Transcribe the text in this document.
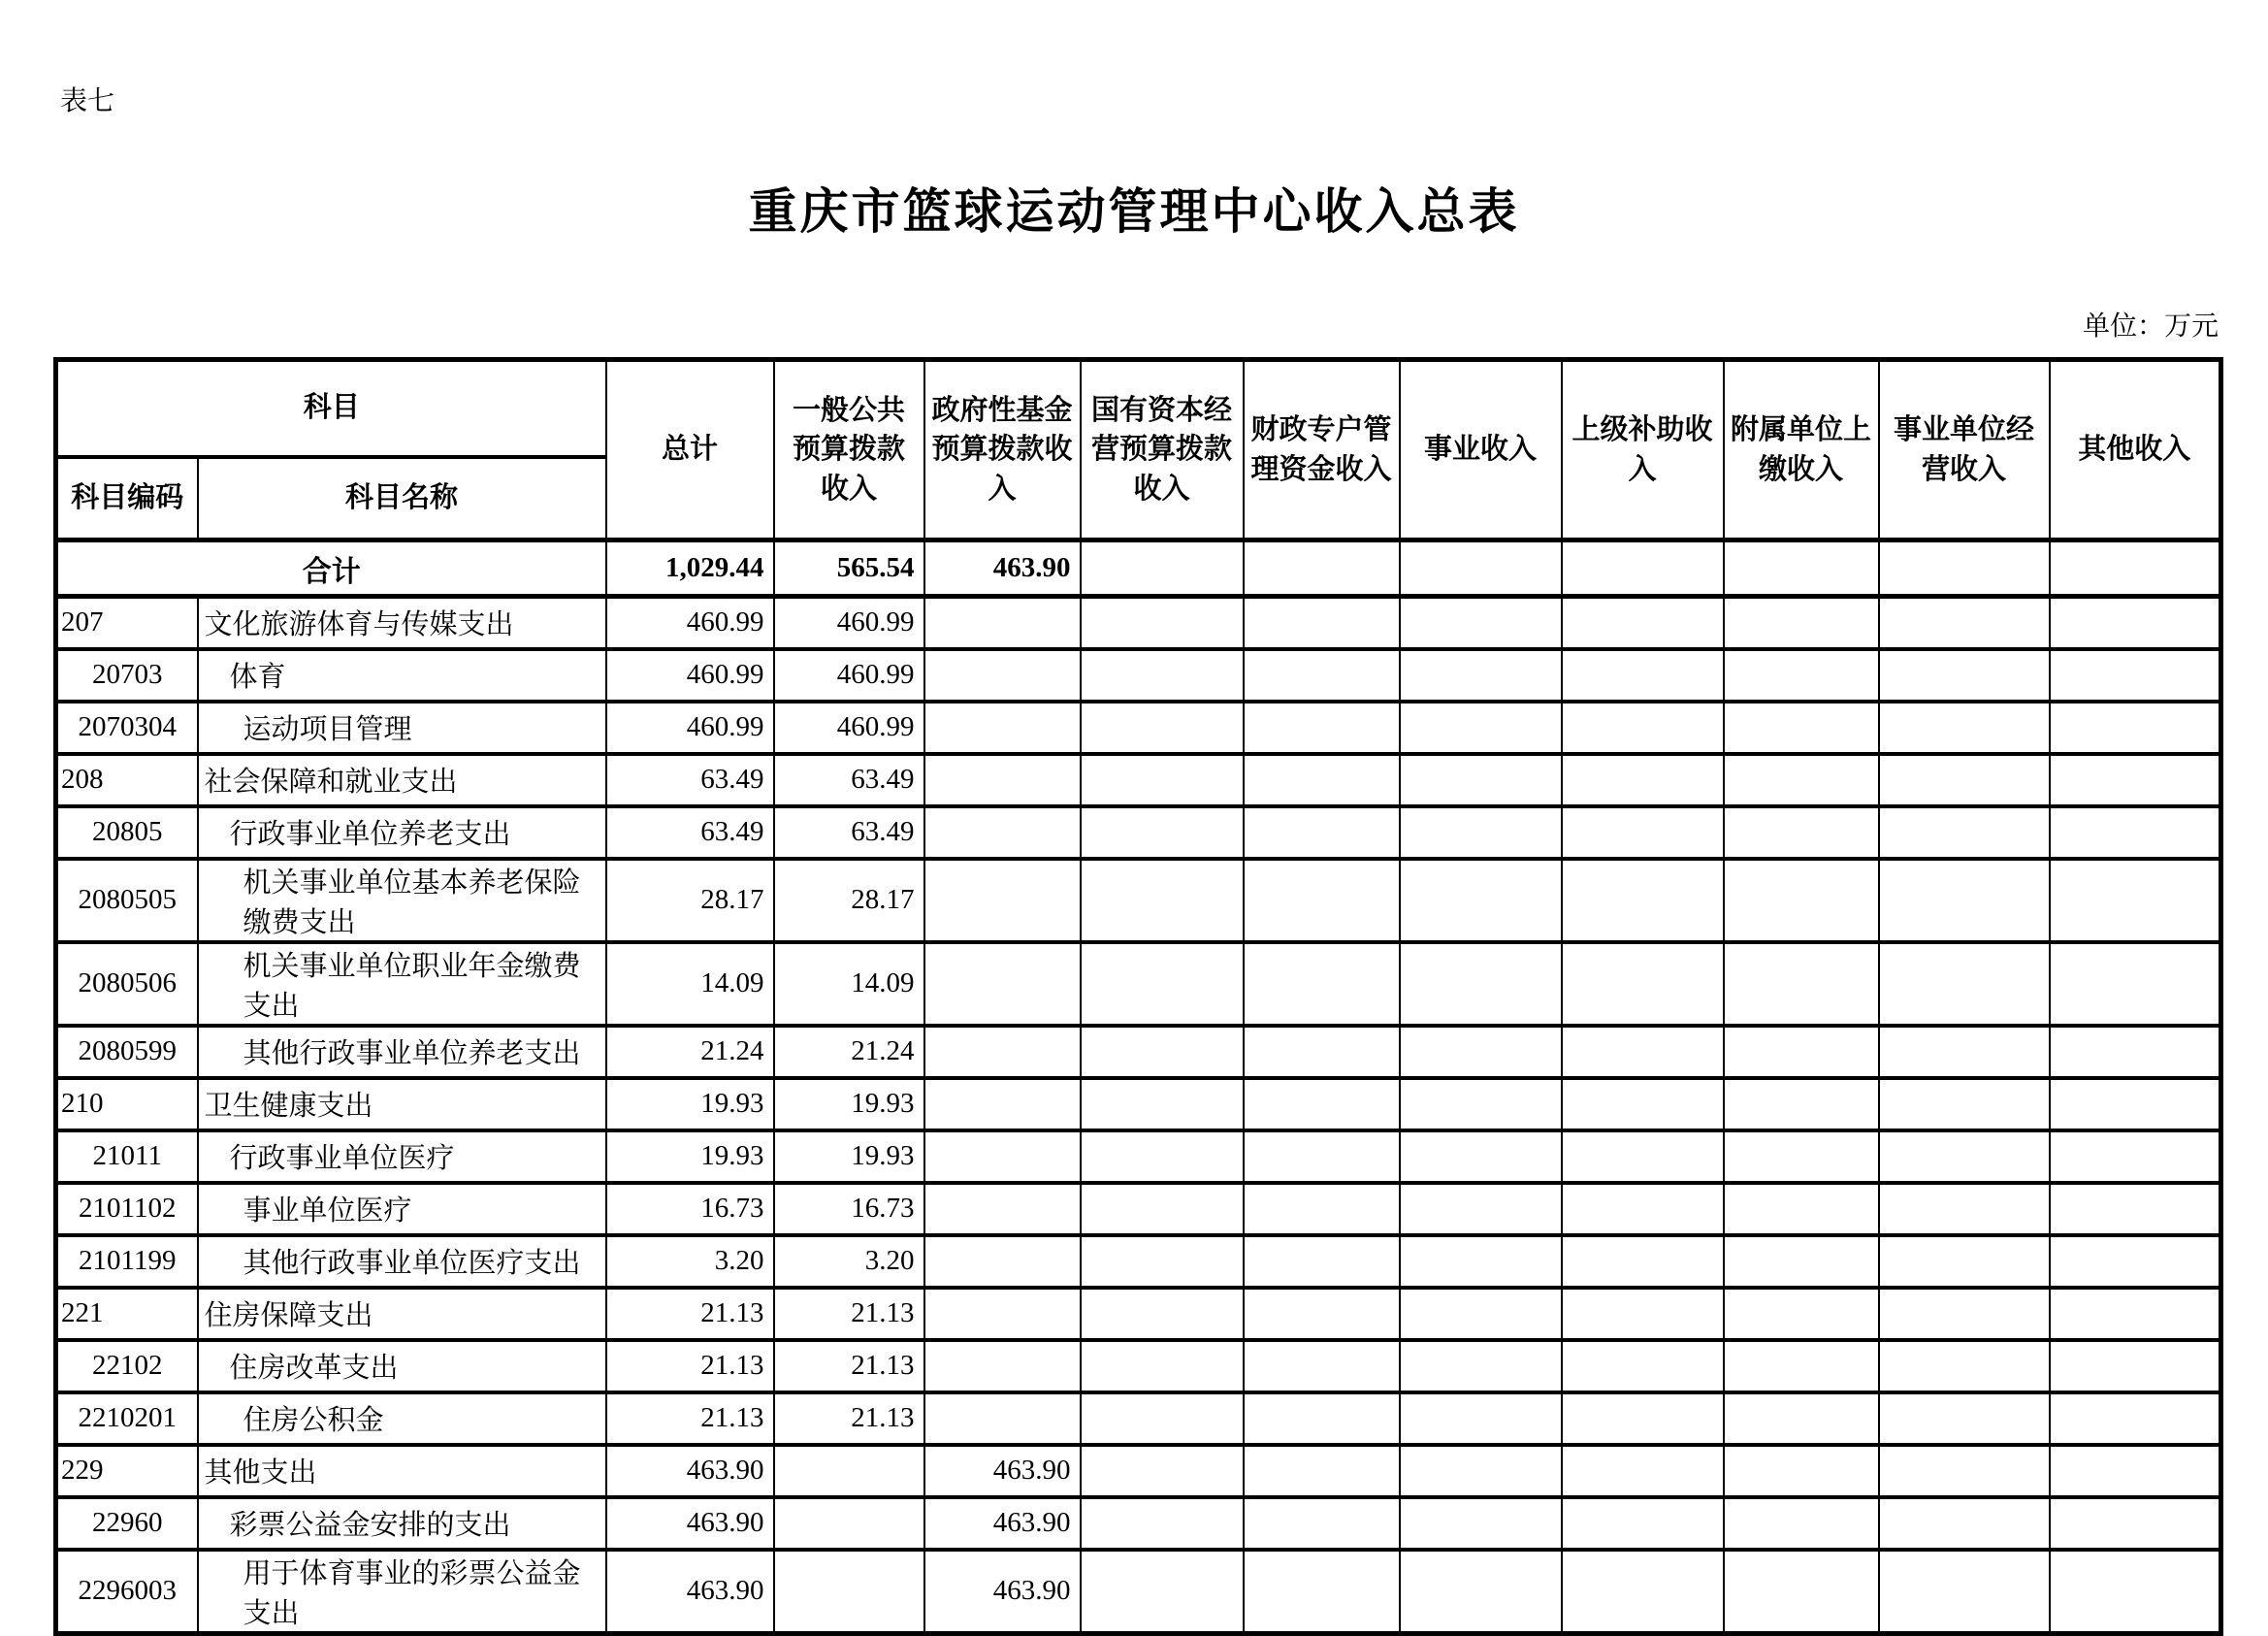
表七
重庆市篮球运动管理中心收入总表
单位：万元
科目		总计	一般公共预算拨款收入	政府性基金预算拨款收入	国有资本经营预算拨款收入	财政专户管理资金收入	事业收入	上级补助收入	附属单位上缴收入	事业单位经营收入	其他收入
科目编码	科目名称										
合计		1,029.44	565.54	463.90							
207	文化旅游体育与传媒支出	460.99	460.99								
20703	体育	460.99	460.99								
2070304	运动项目管理	460.99	460.99								
208	社会保障和就业支出	63.49	63.49								
20805	行政事业单位养老支出	63.49	63.49								
2080505	机关事业单位基本养老保险缴费支出	28.17	28.17								
2080506	机关事业单位职业年金缴费支出	14.09	14.09								
2080599	其他行政事业单位养老支出	21.24	21.24								
210	卫生健康支出	19.93	19.93								
21011	行政事业单位医疗	19.93	19.93								
2101102	事业单位医疗	16.73	16.73								
2101199	其他行政事业单位医疗支出	3.20	3.20								
221	住房保障支出	21.13	21.13								
22102	住房改革支出	21.13	21.13								
2210201	住房公积金	21.13	21.13								
229	其他支出	463.90		463.90							
22960	彩票公益金安排的支出	463.90		463.90							
2296003	用于体育事业的彩票公益金支出	463.90		463.90							
